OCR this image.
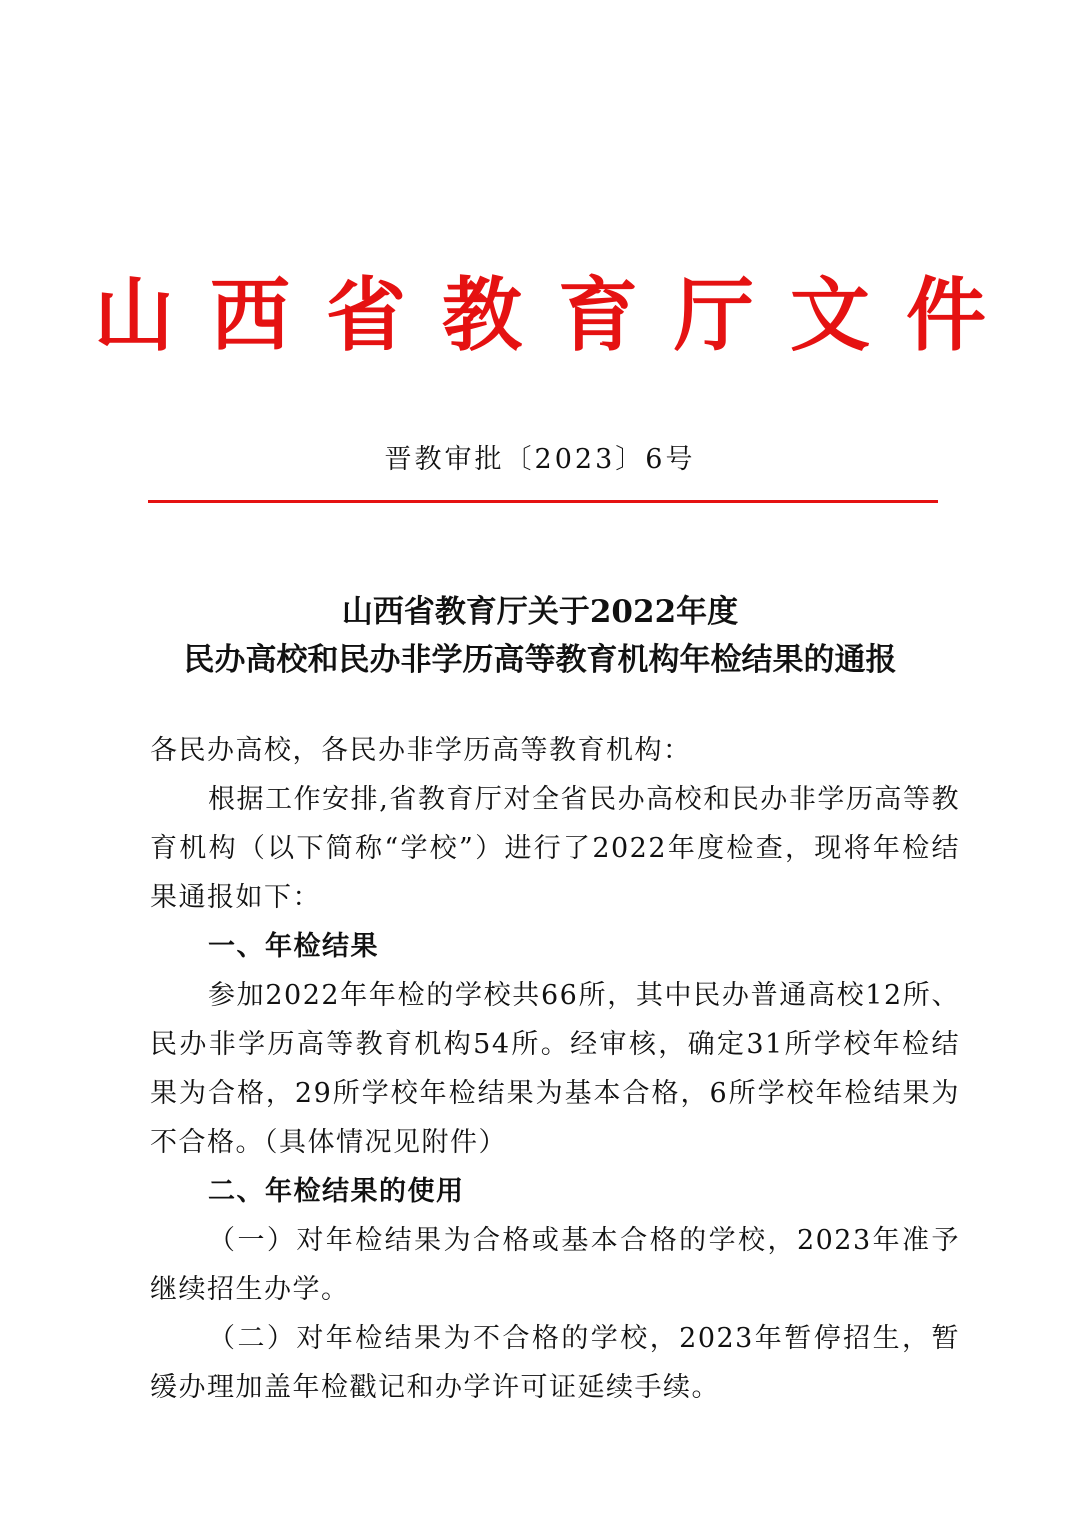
山西省教育厅文件
晋教审批〔2023〕6号
山西省教育厅关于2022年度
民办高校和民办非学历高等教育机构年检结果的通报

各民办高校，各民办非学历高等教育机构：

根据工作安排,省教育厅对全省民办高校和民办非学历高等教育机构（以下简称“学校”）进行了2022年度检查，现将年检结果通报如下：

一、年检结果

参加2022年年检的学校共66所，其中民办普通高校12所、民办非学历高等教育机构54所。经审核，确定31所学校年检结果为合格，29所学校年检结果为基本合格，6所学校年检结果为不合格。（具体情况见附件）

二、年检结果的使用

（一）对年检结果为合格或基本合格的学校，2023年准予继续招生办学。

（二）对年检结果为不合格的学校，2023年暂停招生，暂缓办理加盖年检戳记和办学许可证延续手续。
